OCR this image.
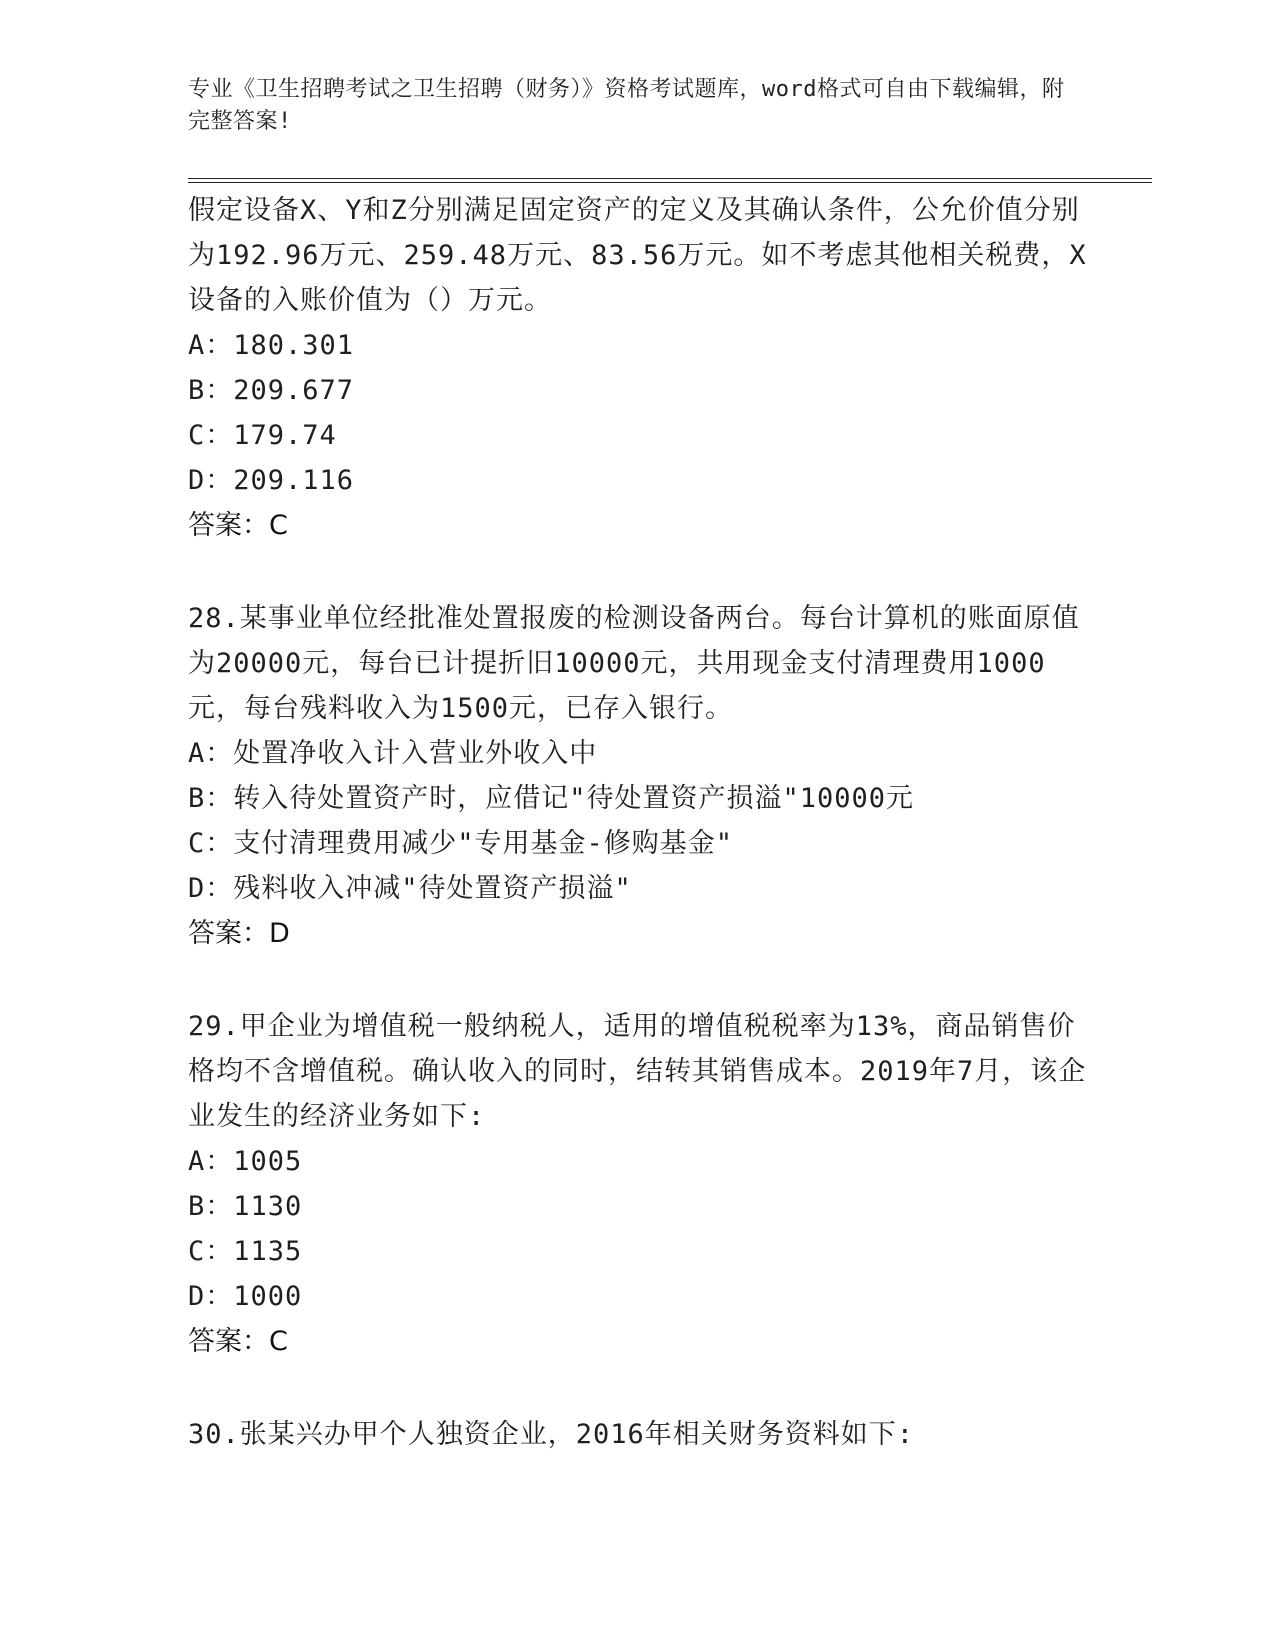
专业《卫生招聘考试之卫生招聘（财务）》资格考试题库，word格式可自由下载编辑，附完整答案!
假定设备X、Y和Z分别满足固定资产的定义及其确认条件，公允价值分别为192.96万元、259.48万元、83.56万元。如不考虑其他相关税费，X设备的入账价值为（）万元。
A：180.301
B：209.677
C：179.74
D：209.116
答案：C
28.某事业单位经批准处置报废的检测设备两台。每台计算机的账面原值为20000元，每台已计提折旧10000元，共用现金支付清理费用1000元，每台残料收入为1500元，已存入银行。
A：处置净收入计入营业外收入中
B：转入待处置资产时，应借记"待处置资产损溢"10000元
C：支付清理费用减少"专用基金-修购基金"
D：残料收入冲减"待处置资产损溢"
答案：D
29.甲企业为增值税一般纳税人，适用的增值税税率为13%，商品销售价格均不含增值税。确认收入的同时，结转其销售成本。2019年7月，该企业发生的经济业务如下:
A：1005
B：1130
C：1135
D：1000
答案：C
30.张某兴办甲个人独资企业，2016年相关财务资料如下:
